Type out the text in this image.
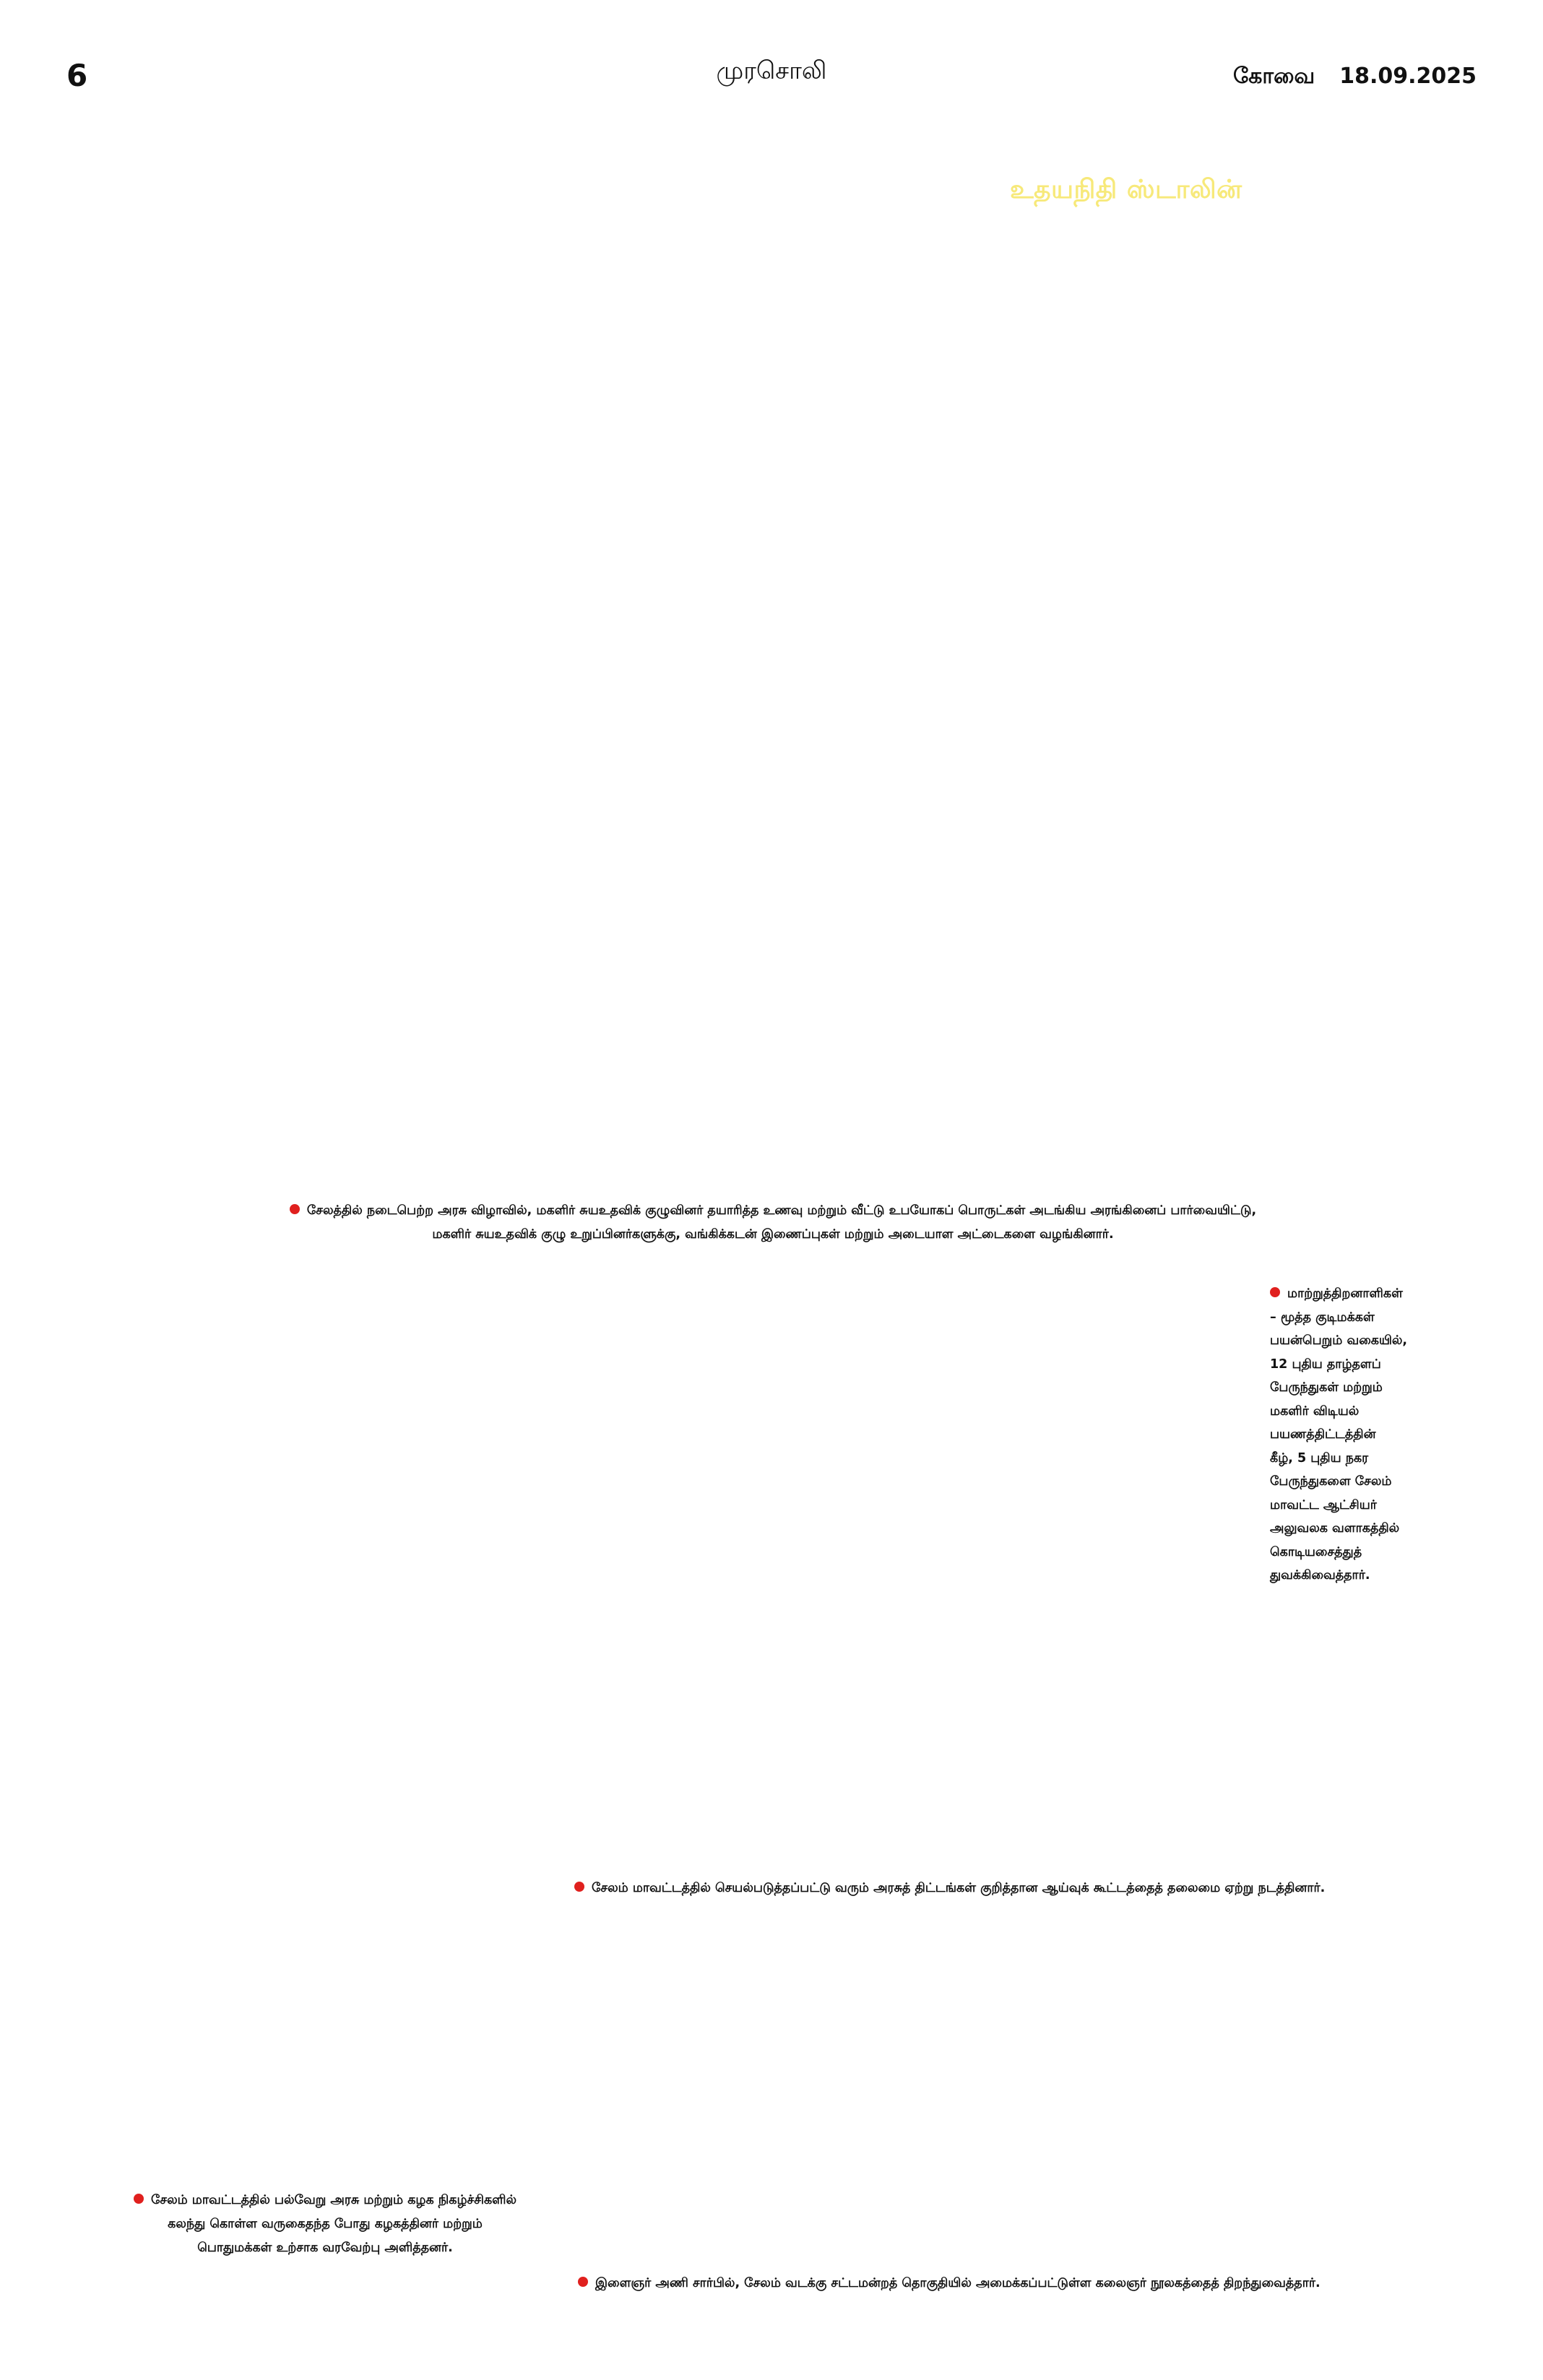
6	முரசொலி	கோவை 18.09.2025
உதயநிதி ஸ்டாலின்
சேலத்தில் நடைபெற்ற அரசு விழாவில், மகளிர் சுயஉதவிக் குழுவினர் தயாரித்த உணவு மற்றும் வீட்டு உபயோகப் பொருட்கள் அடங்கிய அரங்கினைப் பார்வையிட்டு,
மகளிர் சுயஉதவிக் குழு உறுப்பினர்களுக்கு, வங்கிக்கடன் இணைப்புகள் மற்றும் அடையாள அட்டைகளை வழங்கினார்.
மாற்றுத்திறனாளிகள்
– மூத்த குடிமக்கள்
பயன்பெறும் வகையில்,
12 புதிய தாழ்தளப்
பேருந்துகள் மற்றும்
மகளிர் விடியல்
பயணத்திட்டத்தின்
கீழ், 5 புதிய நகர
பேருந்துகளை சேலம்
மாவட்ட ஆட்சியர்
அலுவலக வளாகத்தில்
கொடியசைத்துத்
துவக்கிவைத்தார்.
சேலம் மாவட்டத்தில் செயல்படுத்தப்பட்டு வரும் அரசுத் திட்டங்கள் குறித்தான ஆய்வுக் கூட்டத்தைத் தலைமை ஏற்று நடத்தினார்.
சேலம் மாவட்டத்தில் பல்வேறு அரசு மற்றும் கழக நிகழ்ச்சிகளில்
கலந்து கொள்ள வருகைதந்த போது கழகத்தினர் மற்றும்
பொதுமக்கள் உற்சாக வரவேற்பு அளித்தனர்.
இளைஞர் அணி சார்பில், சேலம் வடக்கு சட்டமன்றத் தொகுதியில் அமைக்கப்பட்டுள்ள கலைஞர் நூலகத்தைத் திறந்துவைத்தார்.
